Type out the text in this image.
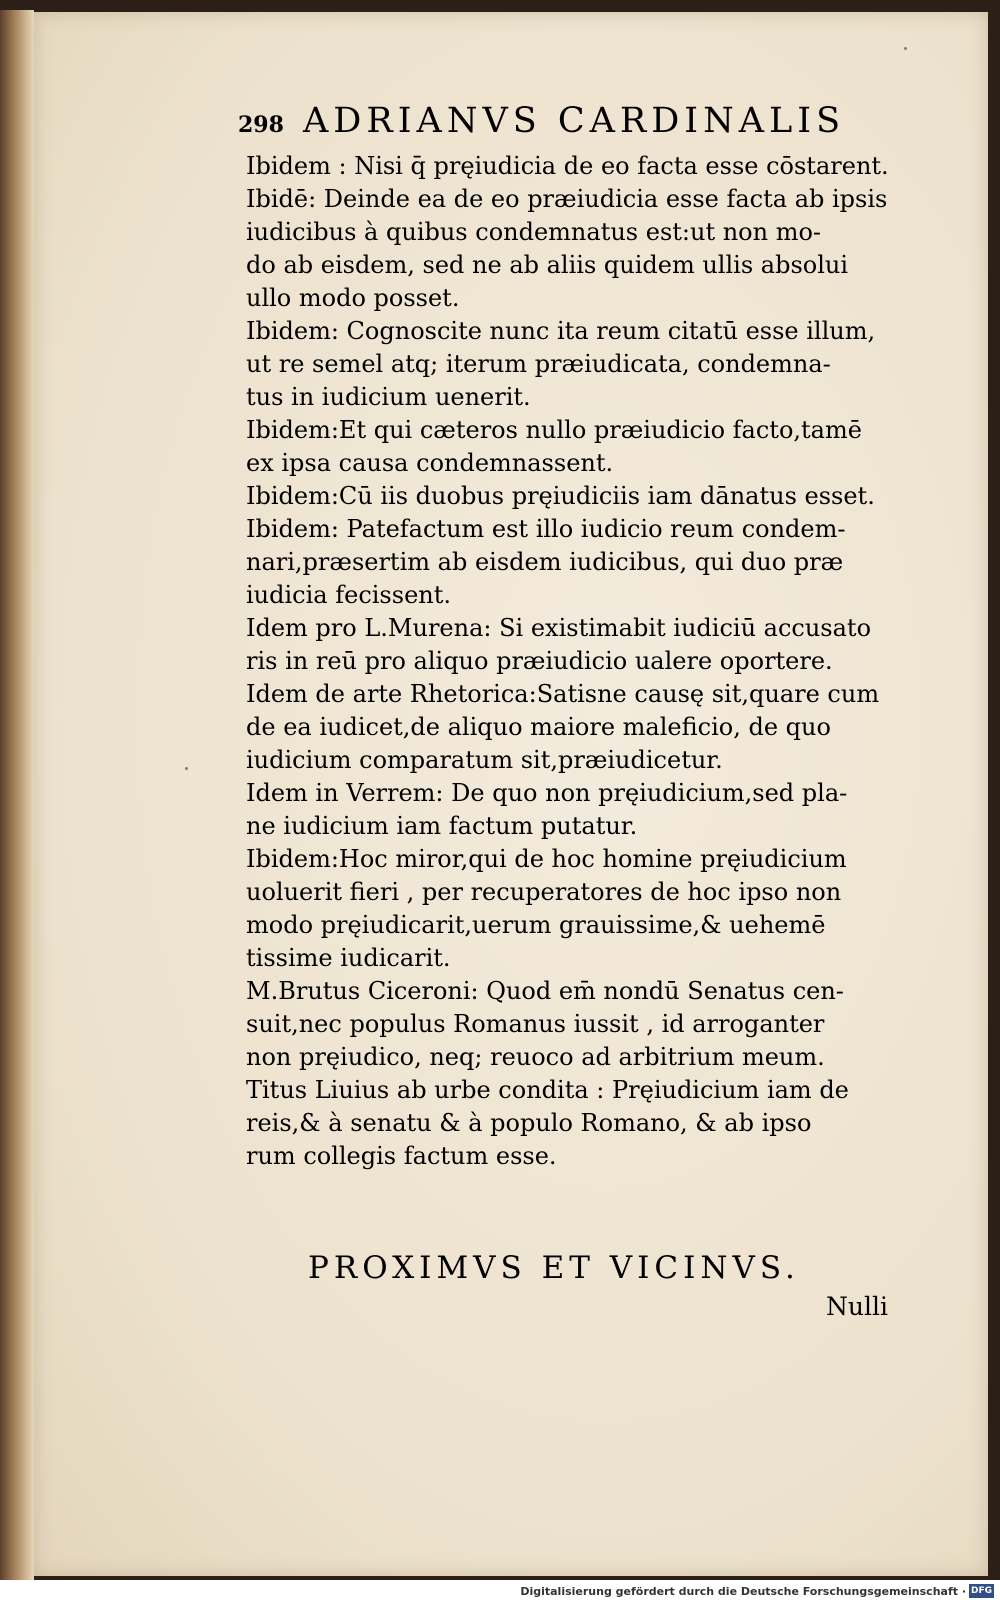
298 ADRIANVS CARDINALIS

Ibidem : Nisi q̄ pręiudicia de eo facta esse cōstarent.

Ibidē: Deinde ea de eo præiudicia esse facta ab ipsis
iudicibus à quibus condemnatus est:ut non mo-
do ab eisdem, sed ne ab aliis quidem ullis absolui
ullo modo posset.

Ibidem: Cognoscite nunc ita reum citatū esse illum,
ut re semel atq; iterum præiudicata, condemna-
tus in iudicium uenerit.

Ibidem:Et qui cæteros nullo præiudicio facto,tamē
ex ipsa causa condemnassent.

Ibidem:Cū iis duobus pręiudiciis iam dānatus esset.

Ibidem: Patefactum est illo iudicio reum condem-
nari,præsertim ab eisdem iudicibus, qui duo præ
iudicia fecissent.

Idem pro L.Murena: Si existimabit iudiciū accusato
ris in reū pro aliquo præiudicio ualere oportere.

Idem de arte Rhetorica:Satisne causę sit,quare cum
de ea iudicet,de aliquo maiore maleficio, de quo
iudicium comparatum sit,præiudicetur.

Idem in Verrem: De quo non pręiudicium,sed pla-
ne iudicium iam factum putatur.

Ibidem:Hoc miror,qui de hoc homine pręiudicium
uoluerit fieri , per recuperatores de hoc ipso non
modo pręiudicarit,uerum grauissime,& uehemē
tissime iudicarit.

M.Brutus Ciceroni: Quod em̄ nondū Senatus cen-
suit,nec populus Romanus iussit , id arroganter
non pręiudico, neq; reuoco ad arbitrium meum.

Titus Liuius ab urbe condita : Pręiudicium iam de
reis,& à senatu & à populo Romano, & ab ipso
rum collegis factum esse.

PROXIMVS ET VICINVS.
Nulli
Digitalisierung gefördert durch die Deutsche Forschungsgemeinschaft · DFG
